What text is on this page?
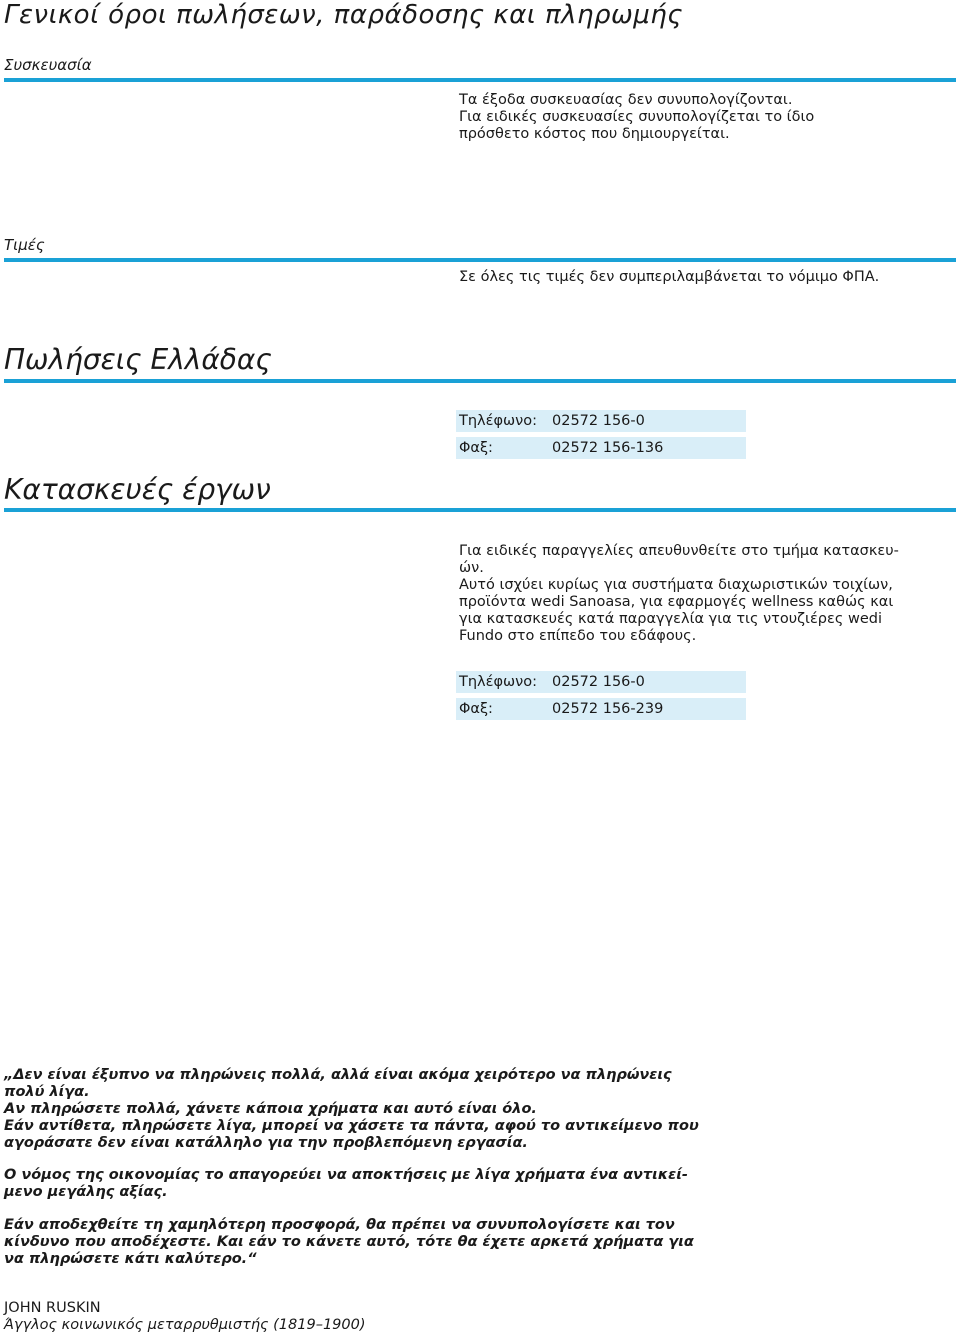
Γενικοί όροι πωλήσεων, παράδοσης και πληρωμής
Συσκευασία

Τα έξοδα συσκευασίας δεν συνυπολογίζονται.

Για ειδικές συσκευασίες συνυπολογίζεται το ίδιο

πρόσθετο κόστος που δημιουργείται.

Τιμές

Σε όλες τις τιμές δεν συμπεριλαμβάνεται το νόμιμο ΦΠΑ.

Πωλήσεις Ελλάδας
Τηλέφωνο: 02572 156-0
Φαξ:	02572 156-136
Κατασκευές έργων

Για ειδικές παραγγελίες απευθυνθείτε στο τμήμα κατασκευ-

ών.

Αυτό ισχύει κυρίως για συστήματα διαχωριστικών τοιχίων,

προϊόντα wedi Sanoasa, για εφαρμογές wellness καθώς και

για κατασκευές κατά παραγγελία για τις ντουζιέρες wedi

Fundo στο επίπεδο του εδάφους.

Τηλέφωνο: 02572 156-0
Φαξ:	02572 156-239

„Δεν είναι έξυπνο να πληρώνεις πολλά, αλλά είναι ακόμα χειρότερο να πληρώνεις

πολύ λίγα.

Αν πληρώσετε πολλά, χάνετε κάποια χρήματα και αυτό είναι όλο.

Εάν αντίθετα, πληρώσετε λίγα, μπορεί να χάσετε τα πάντα, αφού το αντικείμενο που

αγοράσατε δεν είναι κατάλληλο για την προβλεπόμενη εργασία.

Ο νόμος της οικονομίας το απαγορεύει να αποκτήσεις με λίγα χρήματα ένα αντικεί-

μενο μεγάλης αξίας.

Εάν αποδεχθείτε τη χαμηλότερη προσφορά, θα πρέπει να συνυπολογίσετε και τον

κίνδυνο που αποδέχεστε. Και εάν το κάνετε αυτό, τότε θα έχετε αρκετά χρήματα για

να πληρώσετε κάτι καλύτερο.“

JOHN RUSKIN
Άγγλος κοινωνικός μεταρρυθμιστής (1819–1900)
